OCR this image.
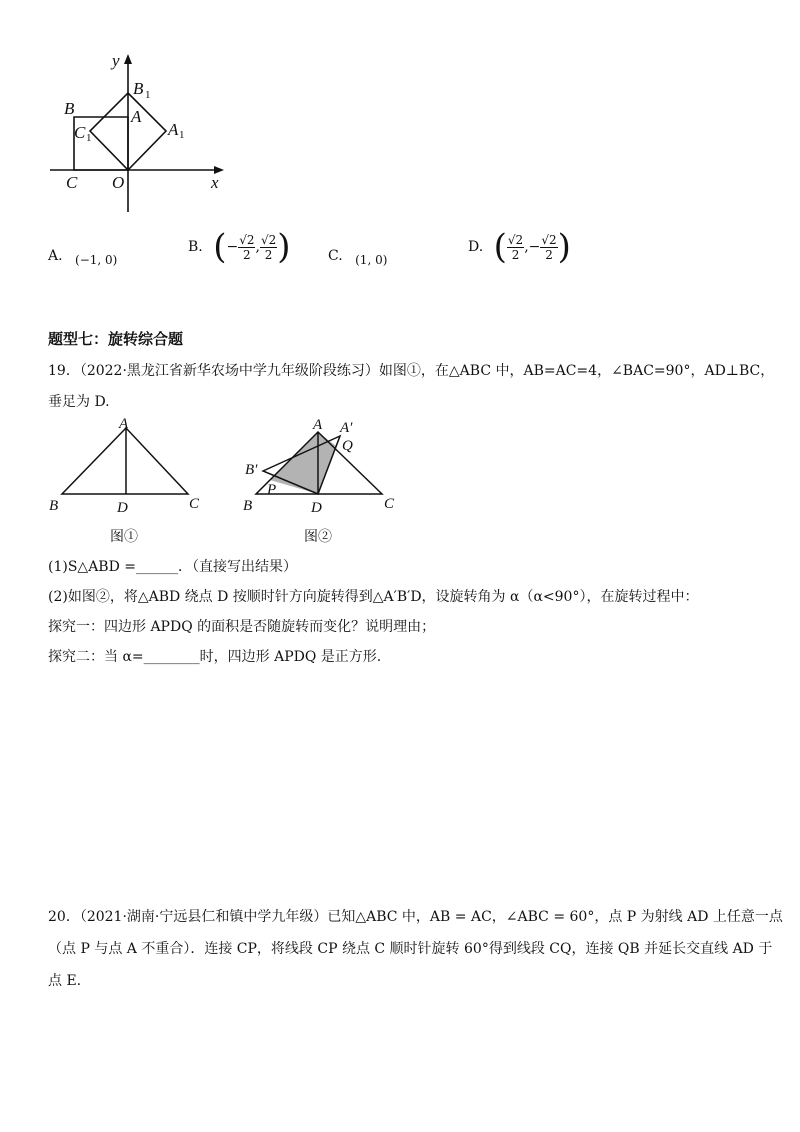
y
B 1
B	A
C 1	A 1
C O	x
A. (−1, 0)
B. (− $\frac{√2}{2}$ , $\frac{√2}{2}$ )	C. (1, 0)
D. ( $\frac{√2}{2}$ ,− $\frac{√2}{2}$ )
题型七：旋转综合题
19．（2022·黑龙江省新华农场中学九年级阶段练习）如图①，在△ABC 中，AB=AC=4，∠BAC=90°，AD⊥BC，
垂足为 D.
A
B	D	C
图①
A A′
Q
B′
P
B	D	C
图②
(1)S△ABD =______．（直接写出结果）
(2)如图②，将△ABD 绕点 D 按顺时针方向旋转得到△A′B′D，设旋转角为 α（α<90°），在旋转过程中：
探究一：四边形 APDQ 的面积是否随旋转而变化？说明理由；
探究二：当 α=________时，四边形 APDQ 是正方形.
20．（2021·湖南·宁远县仁和镇中学九年级）已知△ABC 中，AB = AC，∠ABC = 60°，点 P 为射线 AD 上任意一点
（点 P 与点 A 不重合）．连接 CP，将线段 CP 绕点 C 顺时针旋转 60°得到线段 CQ，连接 QB 并延长交直线 AD 于
点 E.
